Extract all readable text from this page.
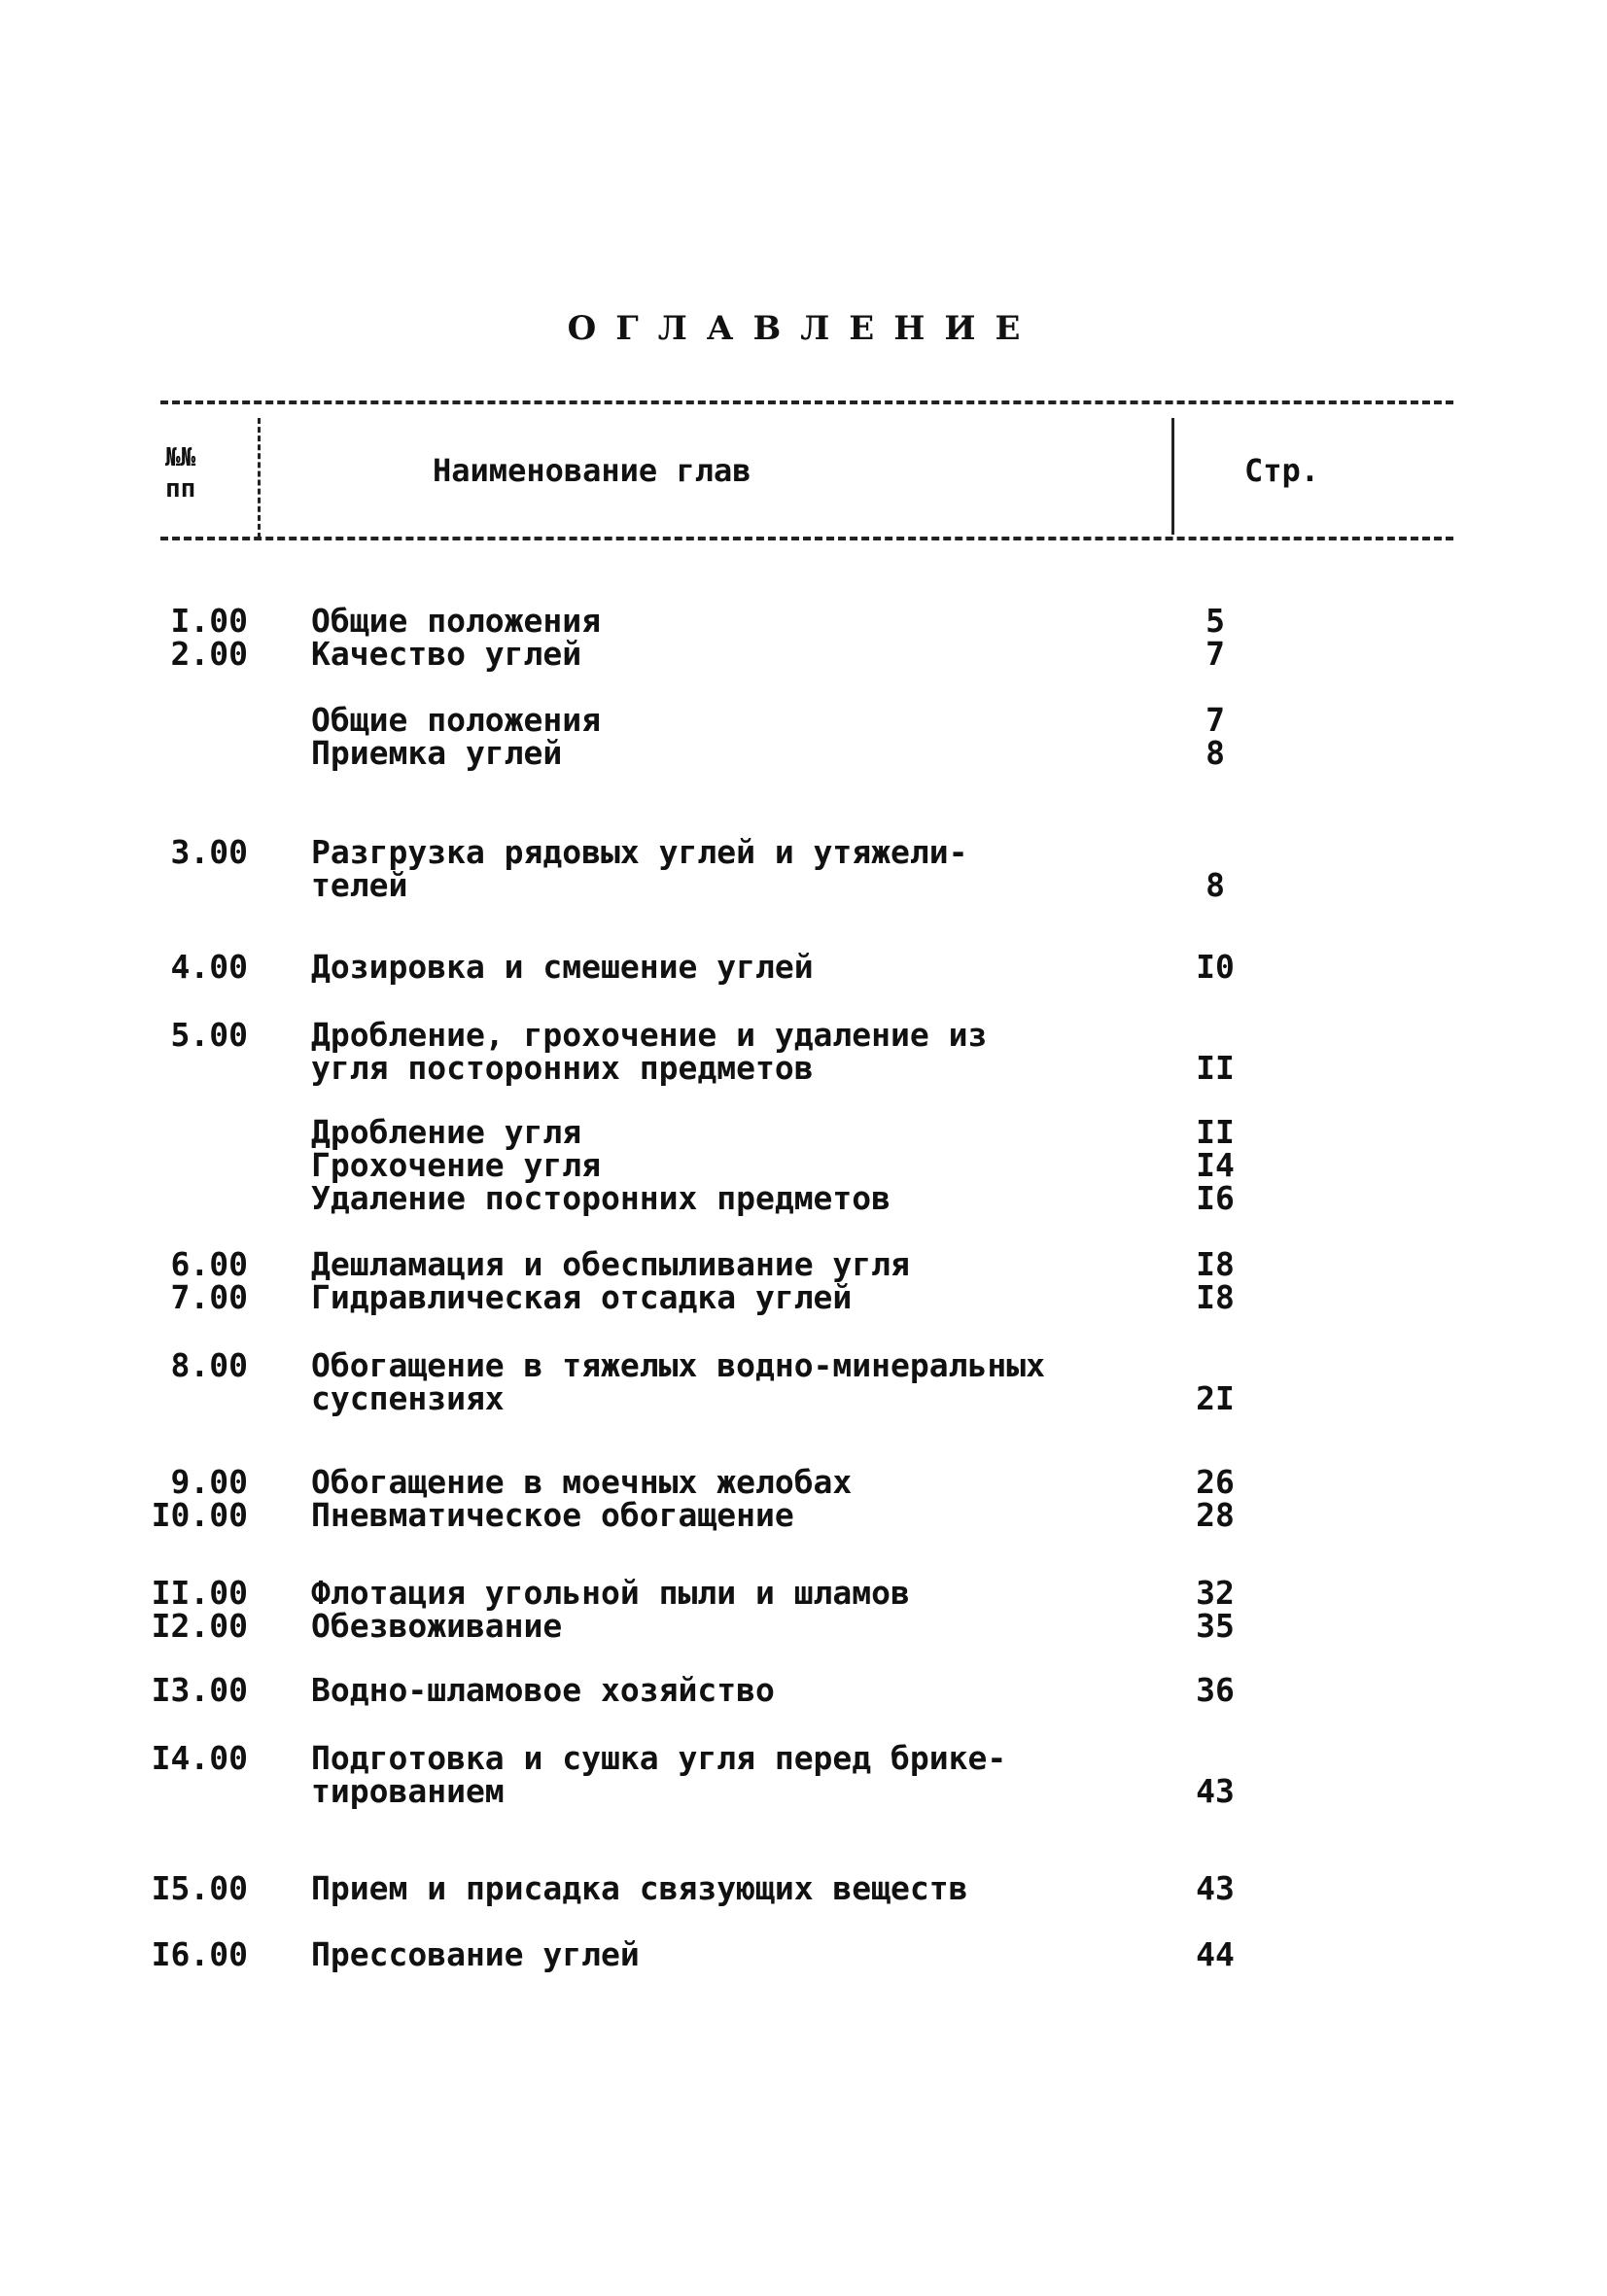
ОГЛАВЛЕНИЕ
№№ пп	Наименование глав	Стр.
I.00 Общие положения	5
2.00 Качество углей	7
Общие положения	7
Приемка углей	8
3.00 Разгрузка рядовых углей и утяжели-
телей	8
4.00 Дозировка и смешение углей	I0
5.00 Дробление, грохочение и удаление из
угля посторонних предметов	II
Дробление угля	II
Грохочение угля	I4
Удаление посторонних предметов	I6
6.00 Дешламация и обеспыливание угля	I8
7.00 Гидравлическая отсадка углей	I8
8.00 Обогащение в тяжелых водно-минеральных
суспензиях	2I
9.00 Обогащение в моечных желобах	26
I0.00 Пневматическое обогащение	28
II.00 Флотация угольной пыли и шламов	32
I2.00 Обезвоживание	35
I3.00 Водно-шламовое хозяйство	36
I4.00 Подготовка и сушка угля перед брике-
тированием	43
I5.00 Прием и присадка связующих веществ	43
I6.00 Прессование углей	44
